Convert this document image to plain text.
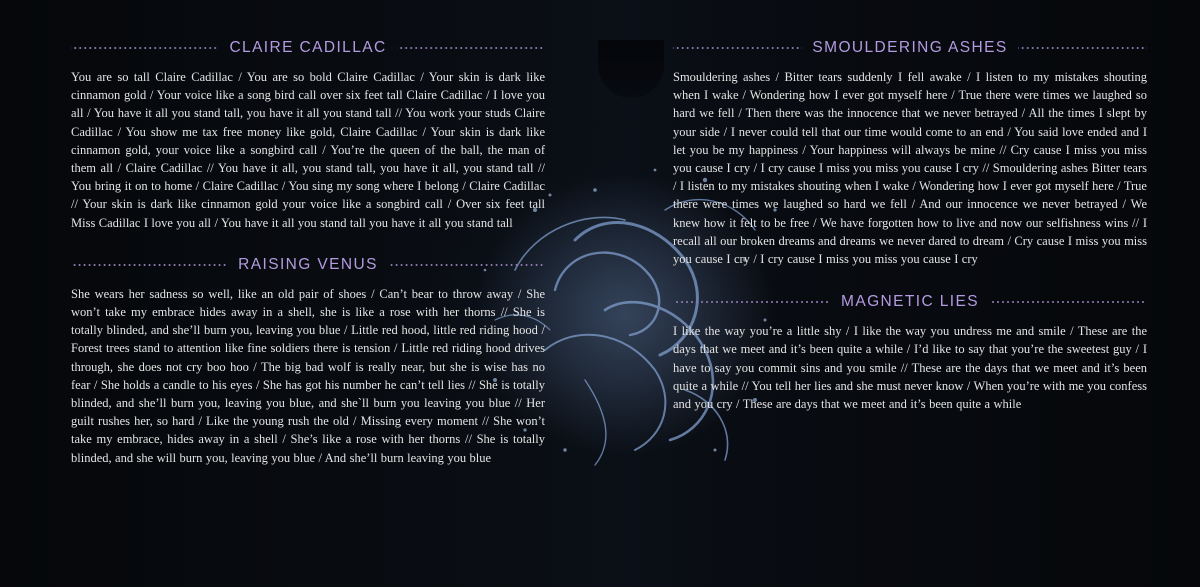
CLAIRE CADILLAC

You are so tall Claire Cadillac / You are so bold Claire Cadillac / Your skin is dark like cinnamon gold / Your voice like a song bird call over six feet tall Claire Cadillac / I love you all / You have it all you stand tall, you have it all you stand tall // You work your studs Claire Cadillac / You show me tax free money like gold, Claire Cadillac / Your skin is dark like cinnamon gold, your voice like a songbird call / You’re the queen of the ball, the man of them all / Claire Cadillac // You have it all, you stand tall, you have it all, you stand tall // You bring it on to home / Claire Cadillac / You sing my song where I belong / Claire Cadillac // Your skin is dark like cinnamon gold your voice like a songbird call / Over six feet tall Miss Cadillac I love you all / You have it all you stand tall you have it all you stand tall

RAISING VENUS

She wears her sadness so well, like an old pair of shoes / Can’t bear to throw away / She won’t take my embrace hides away in a shell, she is like a rose with her thorns // She is totally blinded, and she’ll burn you, leaving you blue / Little red hood, little red riding hood / Forest trees stand to attention like fine soldiers there is tension / Little red riding hood drives through, she does not cry boo hoo / The big bad wolf is really near, but she is wise has no fear / She holds a candle to his eyes / She has got his number he can’t tell lies // She is totally blinded, and she’ll burn you, leaving you blue, and she`ll burn you leaving you blue // Her guilt rushes her, so hard / Like the young rush the old / Missing every moment // She won’t take my embrace, hides away in a shell / She’s like a rose with her thorns // She is totally blinded, and she will burn you, leaving you blue / And she’ll burn leaving you blue

SMOULDERING ASHES

Smouldering ashes / Bitter tears suddenly I fell awake / I listen to my mistakes shouting when I wake / Wondering how I ever got myself here / True there were times we laughed so hard we fell / Then there was the innocence that we never betrayed / All the times I slept by your side / I never could tell that our time would come to an end / You said love ended and I let you be my happiness / Your happiness will always be mine // Cry cause I miss you miss you cause I cry / I cry cause I miss you miss you cause I cry // Smouldering ashes Bitter tears / I listen to my mistakes shouting when I wake / Wondering how I ever got myself here / True there were times we laughed so hard we fell / And our innocence we never betrayed / We knew how it felt to be free / We have forgotten how to live and now our selfishness wins // I recall all our broken dreams and dreams we never dared to dream / Cry cause I miss you miss you cause I cry / I cry cause I miss you miss you cause I cry

MAGNETIC LIES

I like the way you’re a little shy / I like the way you undress me and smile / These are the days that we meet and it’s been quite a while / I’d like to say that you’re the sweetest guy / I have to say you commit sins and you smile // These are the days that we meet and it’s been quite a while // You tell her lies and she must never know / When you’re with me you confess and you cry / These are days that we meet and it’s been quite a while
